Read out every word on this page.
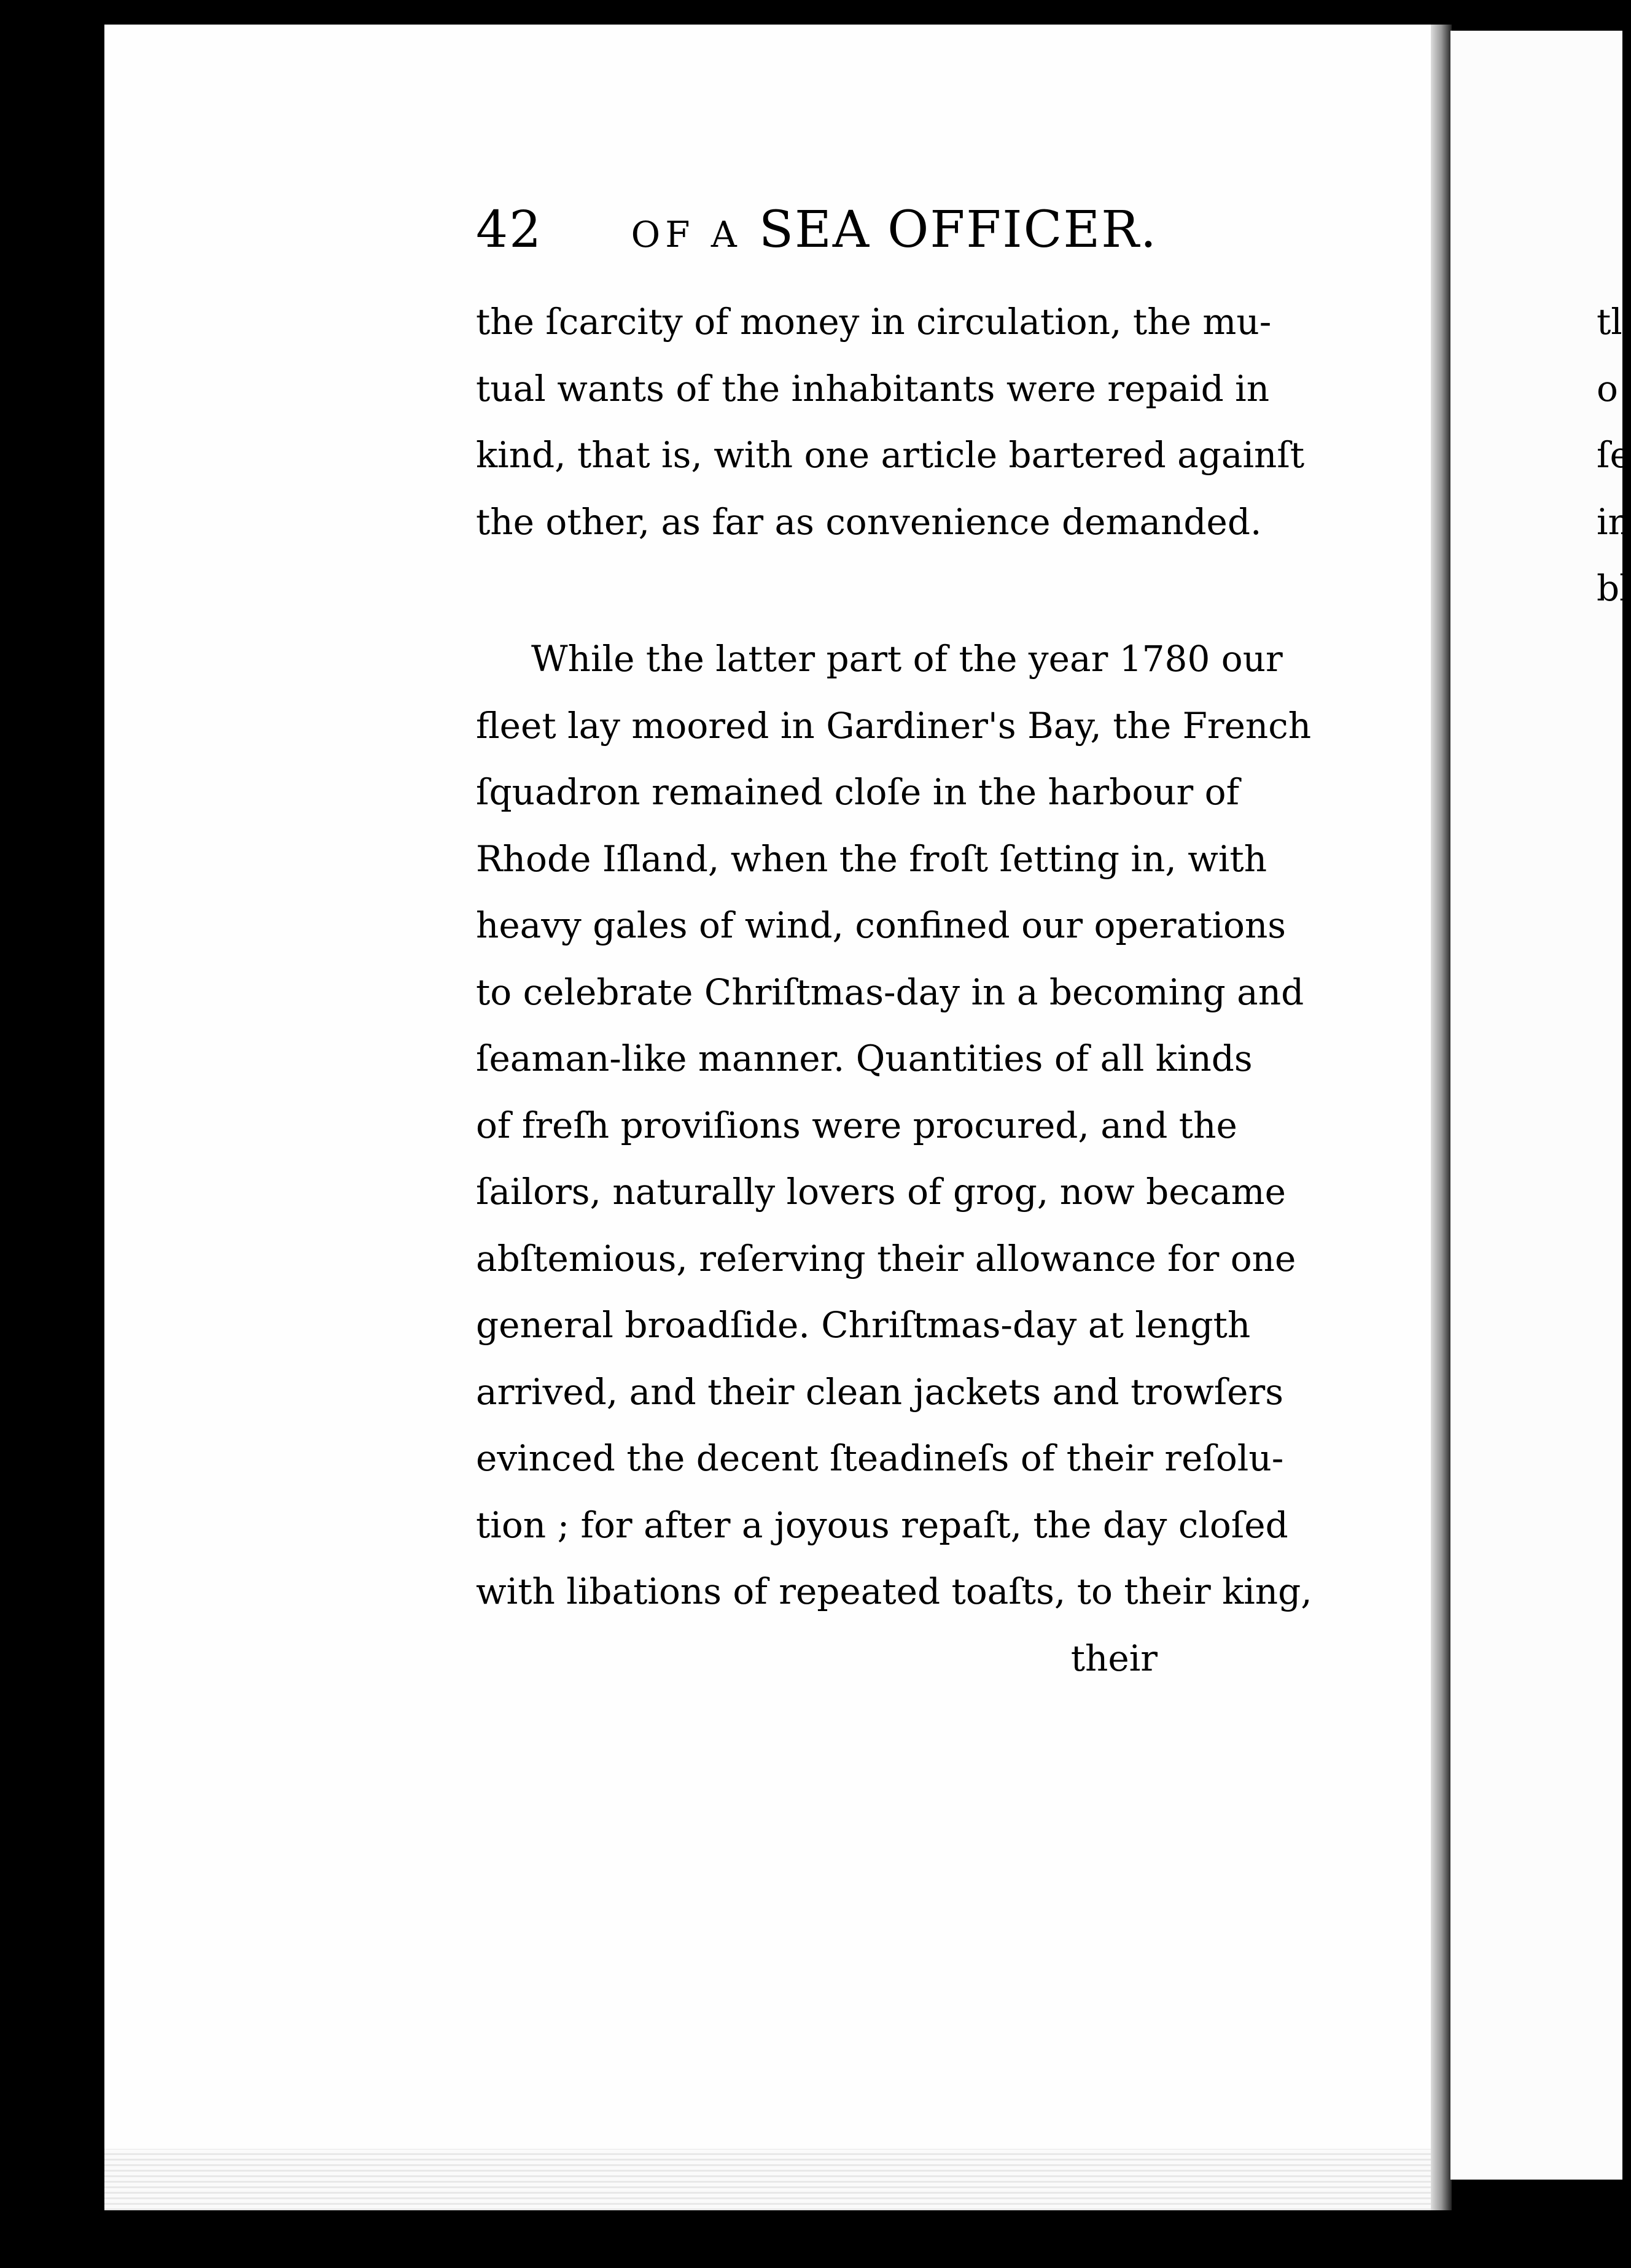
42 OF A SEA OFFICER.
the ſcarcity of money in circulation, the mu-
tual wants of the inhabitants were repaid in
kind, that is, with one article bartered againſt
the other, as far as convenience demanded.
While the latter part of the year 1780 our
fleet lay moored in Gardiner's Bay, the French
ſquadron remained cloſe in the harbour of
Rhode Iſland, when the froſt ſetting in, with
heavy gales of wind, confined our operations
to celebrate Chriſtmas-day in a becoming and
ſeaman-like manner. Quantities of all kinds
of freſh proviſions were procured, and the
ſailors, naturally lovers of grog, now became
abſtemious, reſerving their allowance for one
general broadſide. Chriſtmas-day at length
arrived, and their clean jackets and trowſers
evinced the decent ſteadineſs of their reſolu-
tion ; for after a joyous repaſt, the day cloſed
with libations of repeated toaſts, to their king,
their
tl
o
ſe
in
bl
